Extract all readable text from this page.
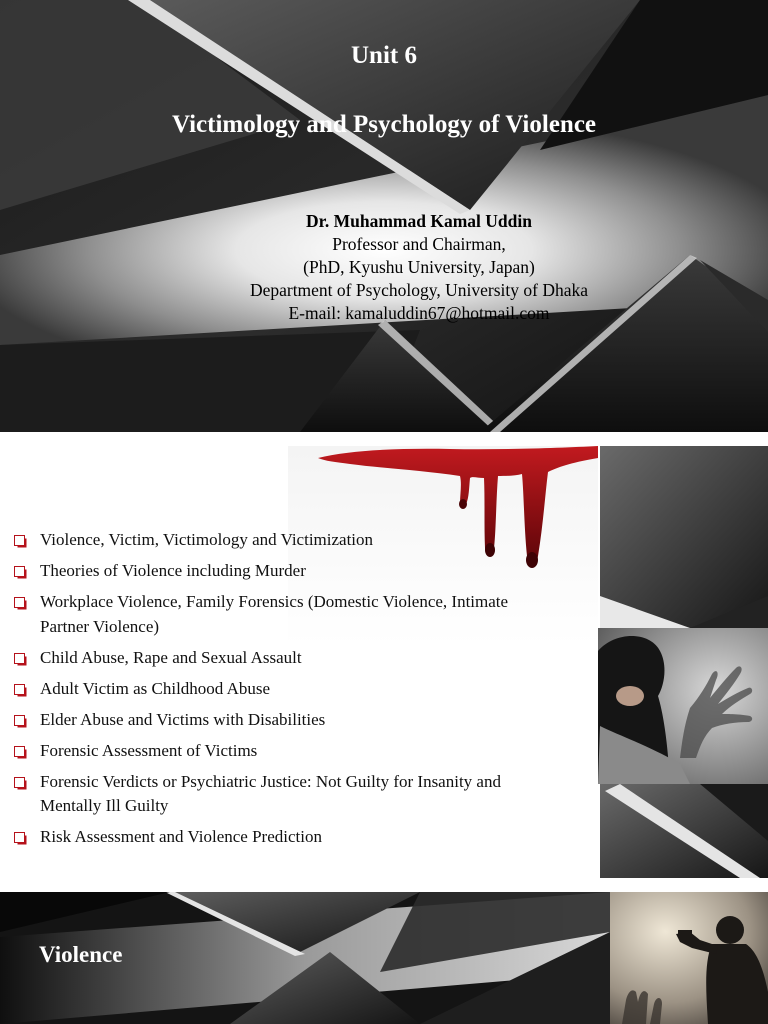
Unit 6
Victimology and Psychology of Violence
Dr. Muhammad Kamal Uddin
Professor and Chairman,
(PhD, Kyushu University, Japan)
Department of Psychology, University of Dhaka
E-mail: kamaluddin67@hotmail.com
Violence, Victim, Victimology and Victimization
Theories of Violence including Murder
Workplace Violence, Family Forensics (Domestic Violence, Intimate Partner Violence)
Child Abuse, Rape and Sexual Assault
Adult Victim as Childhood Abuse
Elder Abuse and Victims with Disabilities
Forensic Assessment of Victims
Forensic Verdicts or Psychiatric Justice: Not Guilty for Insanity and Mentally Ill Guilty
Risk Assessment and Violence Prediction
Violence
